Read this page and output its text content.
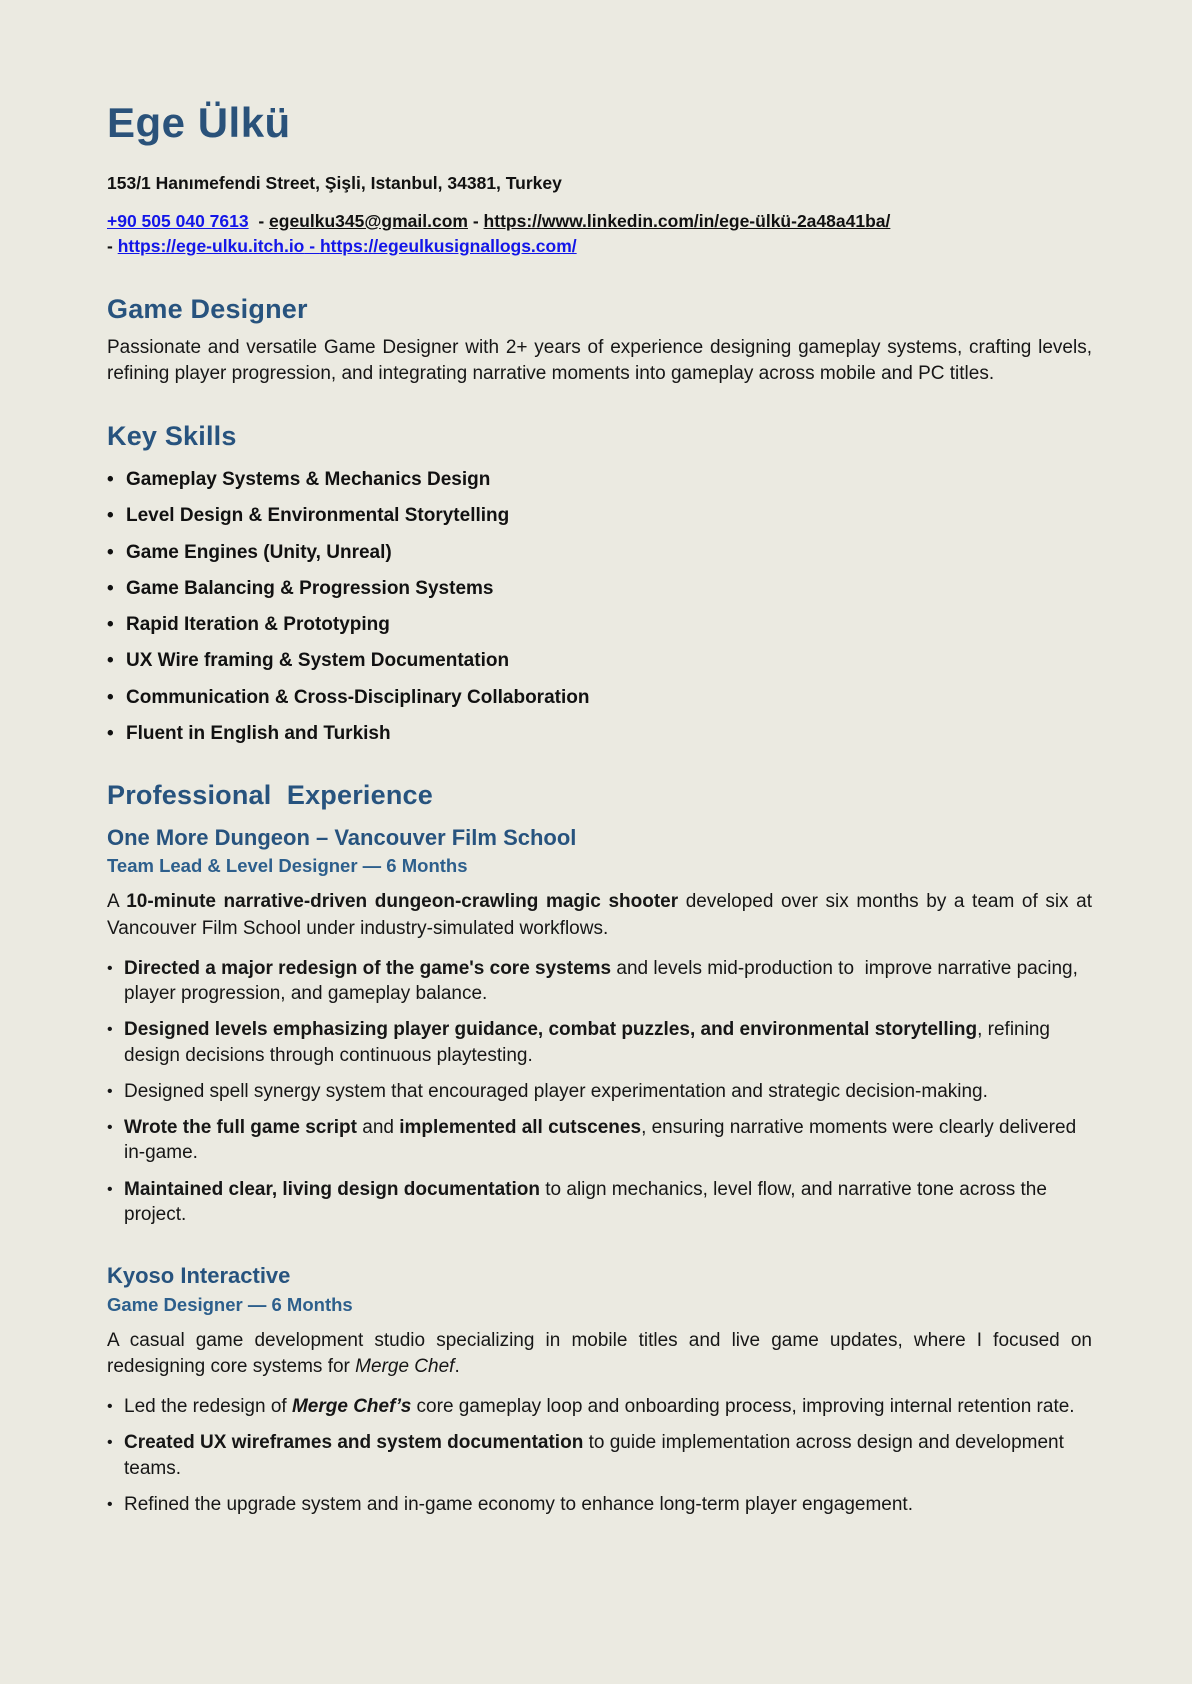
Ege Ülkü

153/1 Hanımefendi Street, Şişli, Istanbul, 34381, Turkey

+90 505 040 7613  - egeulku345@gmail.com - https://www.linkedin.com/in/ege-ülkü-2a48a41ba/ - https://ege-ulku.itch.io - https://egeulkusignallogs.com/

Game Designer

Passionate and versatile Game Designer with 2+ years of experience designing gameplay systems, crafting levels, refining player progression, and integrating narrative moments into gameplay across mobile and PC titles.

Key Skills
• Gameplay Systems & Mechanics Design
• Level Design & Environmental Storytelling
• Game Engines (Unity, Unreal)
• Game Balancing & Progression Systems
• Rapid Iteration & Prototyping
• UX Wire framing & System Documentation
• Communication & Cross-Disciplinary Collaboration
• Fluent in English and Turkish
Professional  Experience
One More Dungeon – Vancouver Film School
Team Lead & Level Designer — 6 Months

A 10-minute narrative-driven dungeon-crawling magic shooter developed over six months by a team of six at Vancouver Film School under industry-simulated workflows.

• Directed a major redesign of the game's core systems and levels mid-production to  improve narrative pacing, player progression, and gameplay balance.
• Designed levels emphasizing player guidance, combat puzzles, and environmental storytelling, refining design decisions through continuous playtesting.
• Designed spell synergy system that encouraged player experimentation and strategic decision-making.
• Wrote the full game script and implemented all cutscenes, ensuring narrative moments were clearly delivered in-game.
• Maintained clear, living design documentation to align mechanics, level flow, and narrative tone across the project.
Kyoso Interactive
Game Designer — 6 Months

A casual game development studio specializing in mobile titles and live game updates, where I focused on redesigning core systems for Merge Chef.

• Led the redesign of Merge Chef’s core gameplay loop and onboarding process, improving internal retention rate.
• Created UX wireframes and system documentation to guide implementation across design and development teams.
• Refined the upgrade system and in-game economy to enhance long-term player engagement.
